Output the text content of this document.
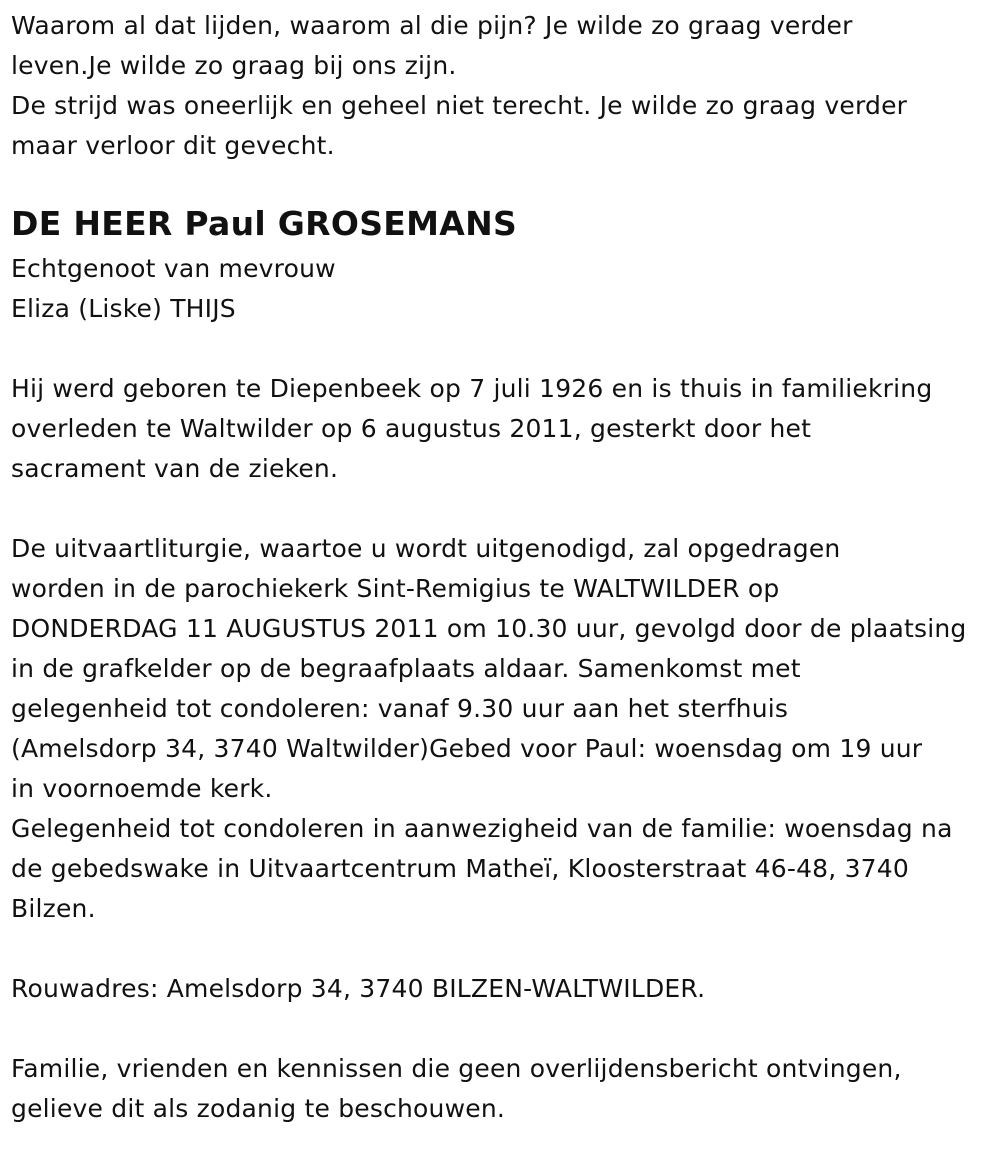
Waarom al dat lijden, waarom al die pijn? Je wilde zo graag verder
leven.Je wilde zo graag bij ons zijn.
De strijd was oneerlijk en geheel niet terecht. Je wilde zo graag verder
maar verloor dit gevecht.
DE HEER Paul GROSEMANS
Echtgenoot van mevrouw
Eliza (Liske) THIJS
Hij werd geboren te Diepenbeek op 7 juli 1926 en is thuis in familiekring
overleden te Waltwilder op 6 augustus 2011, gesterkt door het
sacrament van de zieken.
De uitvaartliturgie, waartoe u wordt uitgenodigd, zal opgedragen
worden in de parochiekerk Sint-Remigius te WALTWILDER op
DONDERDAG 11 AUGUSTUS 2011 om 10.30 uur, gevolgd door de plaatsing
in de grafkelder op de begraafplaats aldaar. Samenkomst met
gelegenheid tot condoleren: vanaf 9.30 uur aan het sterfhuis
(Amelsdorp 34, 3740 Waltwilder)Gebed voor Paul: woensdag om 19 uur
in voornoemde kerk.
Gelegenheid tot condoleren in aanwezigheid van de familie: woensdag na
de gebedswake in Uitvaartcentrum Matheï, Kloosterstraat 46-48, 3740
Bilzen.
Rouwadres: Amelsdorp 34, 3740 BILZEN-WALTWILDER.
Familie, vrienden en kennissen die geen overlijdensbericht ontvingen,
gelieve dit als zodanig te beschouwen.
